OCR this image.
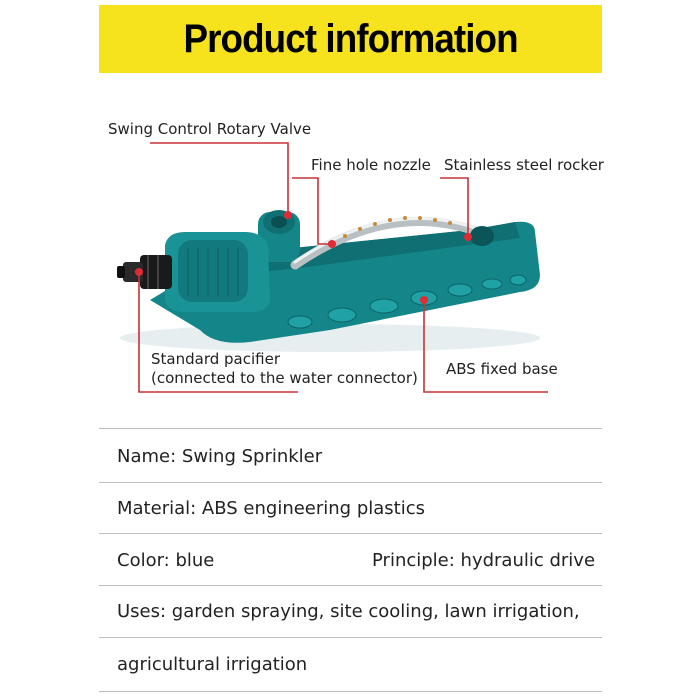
Product information
Swing Control Rotary Valve
Fine hole nozzle Stainless steel rocker
Standard pacifier
(connected to the water connector) ABS fixed base
Name: Swing Sprinkler
Material: ABS engineering plastics
Color: blue	Principle: hydraulic drive
Uses: garden spraying, site cooling, lawn irrigation,
agricultural irrigation
